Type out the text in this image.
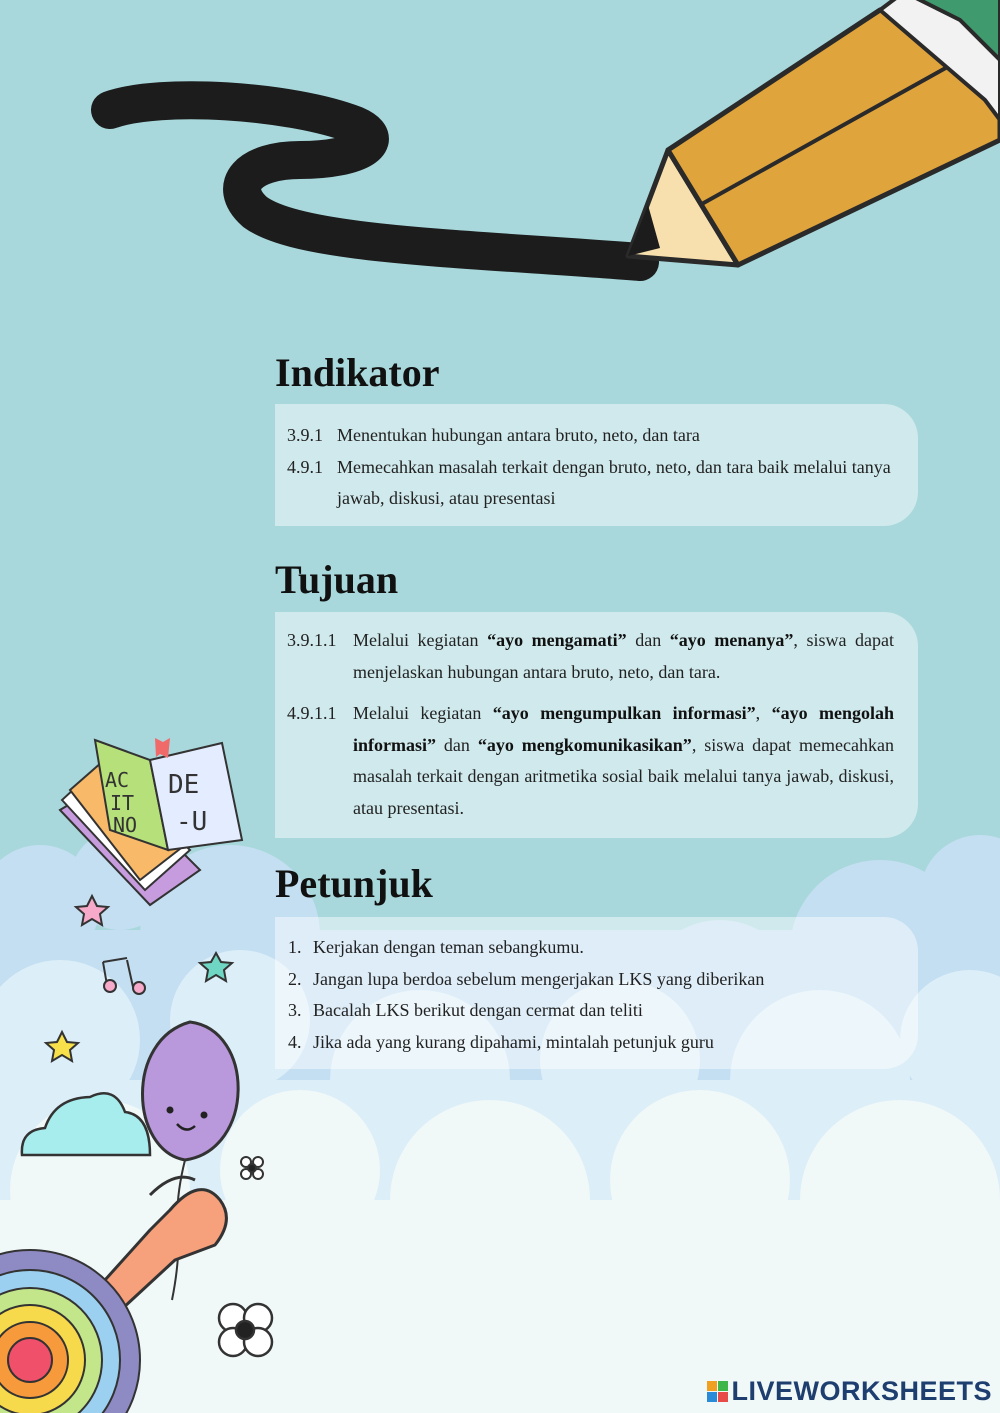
AC
IT
NO
DE
-U
Indikator
3.9.1 Menentukan hubungan antara bruto, neto, dan tara
4.9.1 Memecahkan masalah terkait dengan bruto, neto, dan tara baik melalui tanya jawab, diskusi, atau presentasi
Tujuan
3.9.1.1 Melalui kegiatan “ayo mengamati” dan “ayo menanya”, siswa dapat menjelaskan hubungan antara bruto, neto, dan tara.
4.9.1.1 Melalui kegiatan “ayo mengumpulkan informasi”, “ayo mengolah informasi” dan “ayo mengkomunikasikan”, siswa dapat memecahkan masalah terkait dengan aritmetika sosial baik melalui tanya jawab, diskusi, atau presentasi.
Petunjuk
1. Kerjakan dengan teman sebangkumu.
2. Jangan lupa berdoa sebelum mengerjakan LKS yang diberikan
3. Bacalah LKS berikut dengan cermat dan teliti
4. Jika ada yang kurang dipahami, mintalah petunjuk guru
LIVEWORKSHEETS
